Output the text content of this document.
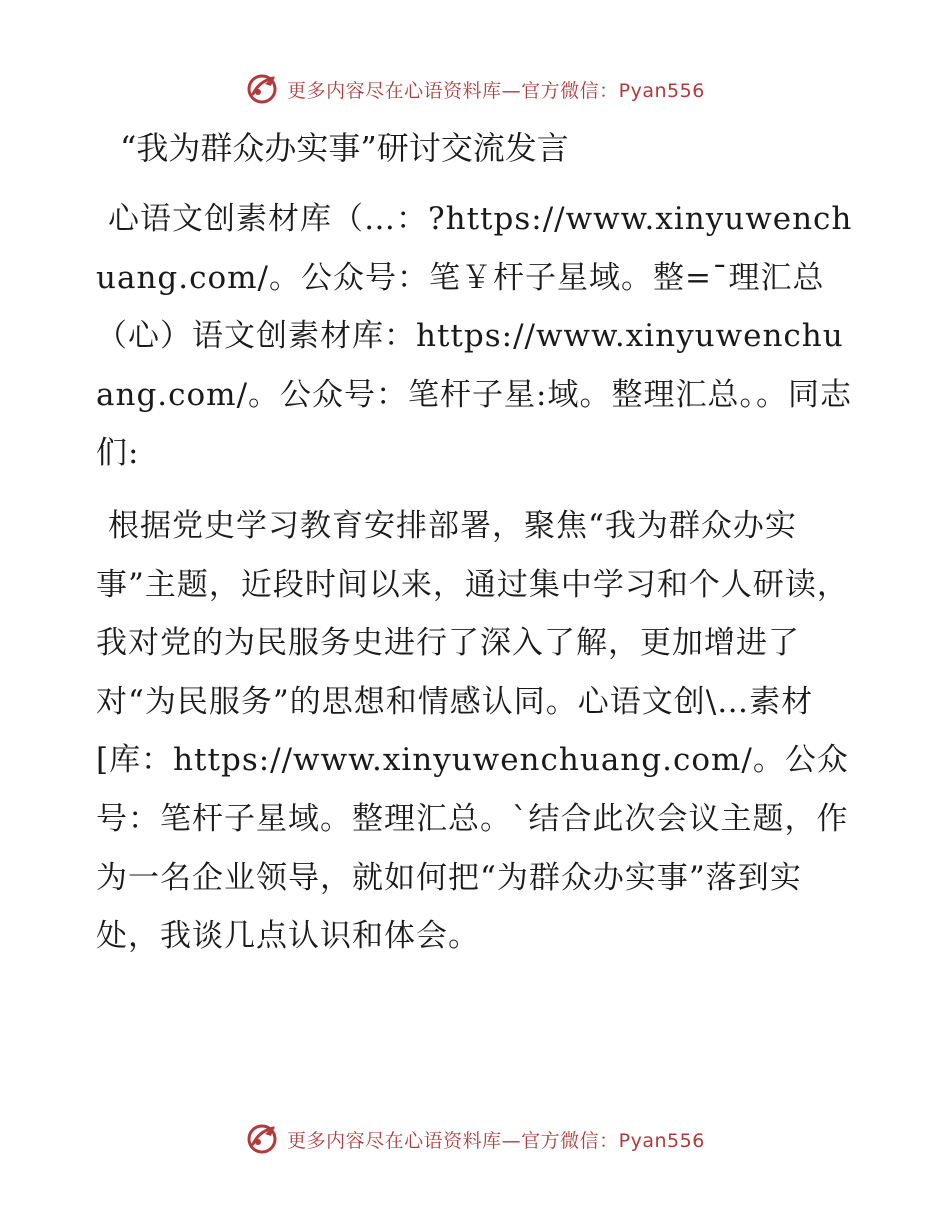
更多内容尽在心语资料库—官方微信：Pyan556
“我为群众办实事”研讨交流发言

心语文创素材库（…：?https://www.xinyuwenchuang.com/。公众号：笔￥杆子星域。整=¯理汇总（心）语文创素材库：https://www.xinyuwenchuang.com/。公众号：笔杆子星:域。整理汇总。。同志们:

根据党史学习教育安排部署，聚焦“我为群众办实事”主题，近段时间以来，通过集中学习和个人研读，我对党的为民服务史进行了深入了解，更加增进了对“为民服务”的思想和情感认同。心语文创\…素材[库：https://www.xinyuwenchuang.com/。公众号：笔杆子星域。整理汇总。`结合此次会议主题，作为一名企业领导，就如何把“为群众办实事”落到实处，我谈几点认识和体会。

更多内容尽在心语资料库—官方微信：Pyan556
